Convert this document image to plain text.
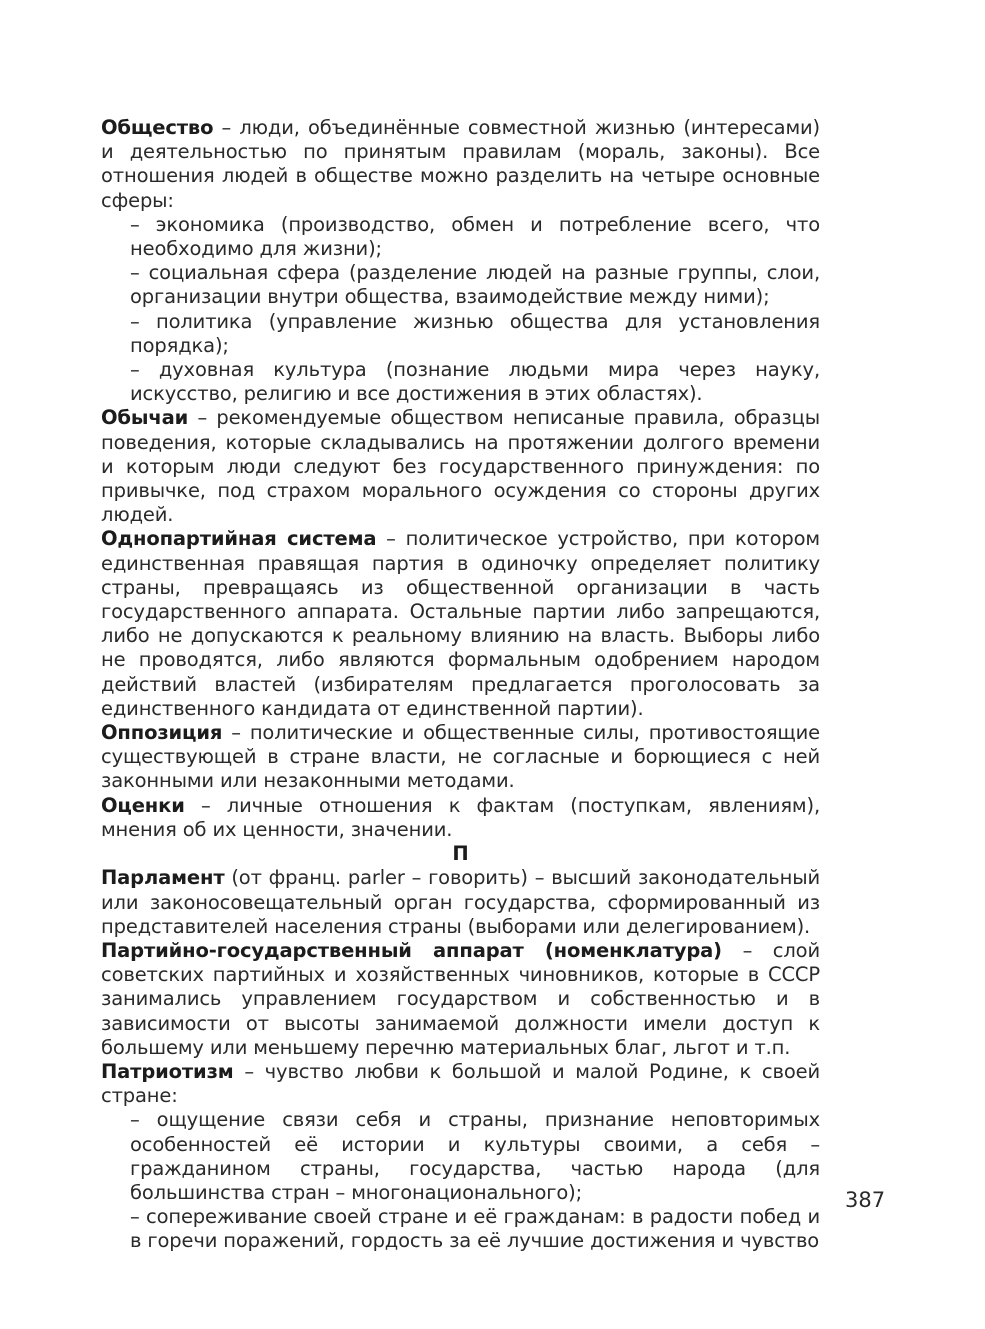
Общество – люди, объединённые совместной жизнью (интересами) и деятельностью по принятым правилам (мораль, законы). Все отношения людей в обществе можно разделить на четыре основные сферы:

– экономика (производство, обмен и потребление всего, что необходимо для жизни);

– социальная сфера (разделение людей на разные группы, слои, организации внутри общества, взаимодействие между ними);

– политика (управление жизнью общества для установления порядка);

– духовная культура (познание людьми мира через науку, искусство, религию и все достижения в этих областях).

Обычаи – рекомендуемые обществом неписаные правила, образцы поведения, которые складывались на протяжении долгого времени и которым люди следуют без государственного принуждения: по привычке, под страхом морального осуждения со стороны других людей.

Однопартийная система – политическое устройство, при котором единственная правящая партия в одиночку определяет политику страны, превращаясь из общественной организации в часть государственного аппарата. Остальные партии либо запрещаются, либо не допускаются к реальному влиянию на власть. Выборы либо не проводятся, либо являются формальным одобрением народом действий властей (избирателям предлагается проголосовать за единственного кандидата от единственной партии).

Оппозиция – политические и общественные силы, противостоящие существующей в стране власти, не согласные и борющиеся с ней законными или незаконными методами.

Оценки – личные отношения к фактам (поступкам, явлениям), мнения об их ценности, значении.

П

Парламент (от франц. parler – говорить) – высший законодательный или законосовещательный орган государства, сформированный из представителей населения страны (выборами или делегированием).

Партийно-государственный аппарат (номенклатура) – слой советских партийных и хозяйственных чиновников, которые в СССР занимались управлением государством и собственностью и в зависимости от высоты занимаемой должности имели доступ к большему или меньшему перечню материальных благ, льгот и т.п.

Патриотизм – чувство любви к большой и малой Родине, к своей стране:

– ощущение связи себя и страны, признание неповторимых особенностей её истории и культуры своими, а себя – гражданином страны, государства, частью народа (для большинства стран – многонационального);

– сопереживание своей стране и её гражданам: в радости побед и в горечи поражений, гордость за её лучшие достижения и чувство

387
